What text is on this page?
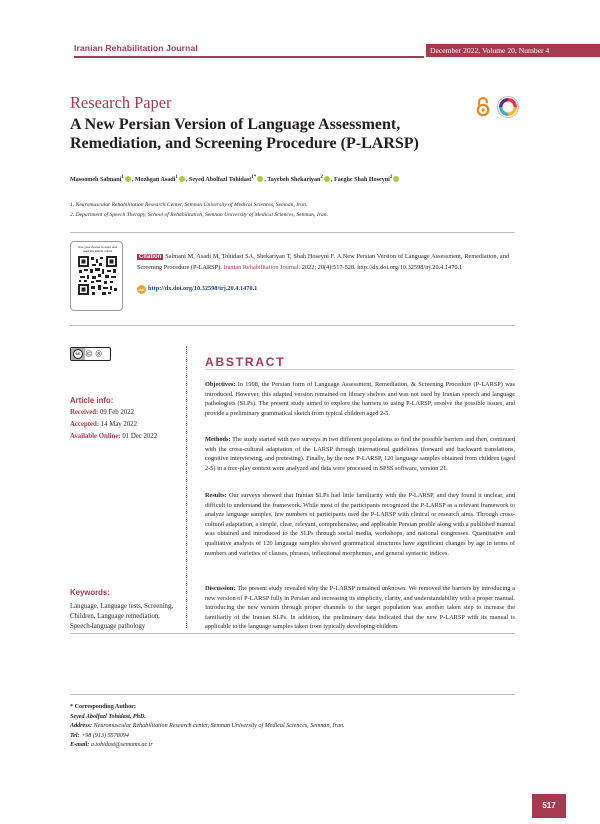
Iranian Rehabilitation Journal	December 2022, Volume 20, Number 4
Research Paper
A New Persian Version of Language Assessment, Remediation, and Screening Procedure (P-LARSP)
Masoomeh Salmani$^1$, Mozhgan Asadi$^1$, Seyed Abolfazl Tohidast$^{1*}$, Tayebeh Shekariyan$^2$, Faeghe Shah Hoseyni$^2$
1. Neuromuscular Rehabilitation Research Center, Semnan University of Medical Sciences, Semnan, Iran.
2. Department of Speech Therapy, School of Rehabilitation, Semnan University of Medical Sciences, Semnan, Iran.
Use your device to scan and read the article online
Citation Salmani M, Asadi M, Tohidast SA, Shekariyan T, Shah Hoseyni F. A New Persian Version of Language Assessment, Remediation, and Screening Procedure (P-LARSP). Iranian Rehabilitation Journal. 2022; 20(4):517-528. http://dx.doi.org/10.32598/irj.20.4.1470.1
doi http://dx.doi.org/10.32598/irj.20.4.1470.1
cc Ⓒ Ⓢ
Article info:
Received: 09 Feb 2022
Accepted: 14 May 2022
Available Online: 01 Dec 2022
Keywords:
Language, Language tests, Screening, Children, Language remediation, Speech-language pathology
ABSTRACT
Objectives: In 1998, the Persian form of Language Assessment, Remediation, & Screening Procedure (P-LARSP) was introduced. However, this adapted version remained on library shelves and was not used by Iranian speech and language pathologists (SLPs). The present study aimed to explore the barriers to using P-LARSP, resolve the possible issues, and provide a preliminary grammatical sketch from typical children aged 2-5.
Methods: The study started with two surveys in two different populations to find the possible barriers and then, continued with the cross-cultural adaptation of the LARSP through international guidelines (forward and backward translations, cognitive interviewing, and pretesting). Finally, by the new P-LARSP, 120 language samples obtained from children (aged 2-5) in a free-play context were analyzed and data were processed in SPSS software, version 21.
Results: Our surveys showed that Iranian SLPs had little familiarity with the P-LARSP, and they found it unclear, and difficult to understand the framework. While most of the participants recognized the P-LARSP as a relevant framework to analyze language samples, few numbers of participants used the P-LARSP with clinical or research aims. Through cross-cultural adaptation, a simple, clear, relevant, comprehensive, and applicable Persian profile along with a published manual was obtained and introduced to the SLPs through social media, workshops, and national congresses. Quantitative and qualitative analysis of 120 language samples showed grammatical structures have significant changes by age in terms of numbers and varieties of clauses, phrases, inflectional morphemes, and general syntactic indices.
Discussion: The present study revealed why the P-LARSP remained unknown. We removed the barriers by introducing a new version of P-LARSP fully in Persian and increasing its simplicity, clarity, and understandability with a proper manual. Introducing the new version through proper channels to the target population was another taken step to increase the familiarity of the Iranian SLPs. In addition, the preliminary data indicated that the new P-LARSP with its manual is applicable to the language samples taken from typically developing children.
* Corresponding Author:
Seyed Abolfazl Tohidast, PhD.
Address: Neuromuscular Rehabilitation Research center, Semnan University of Medical Sciences, Semnan, Iran.
Tel: +98 (913) 5578094
E-mail: a.tohidast@semums.ac.ir
517
